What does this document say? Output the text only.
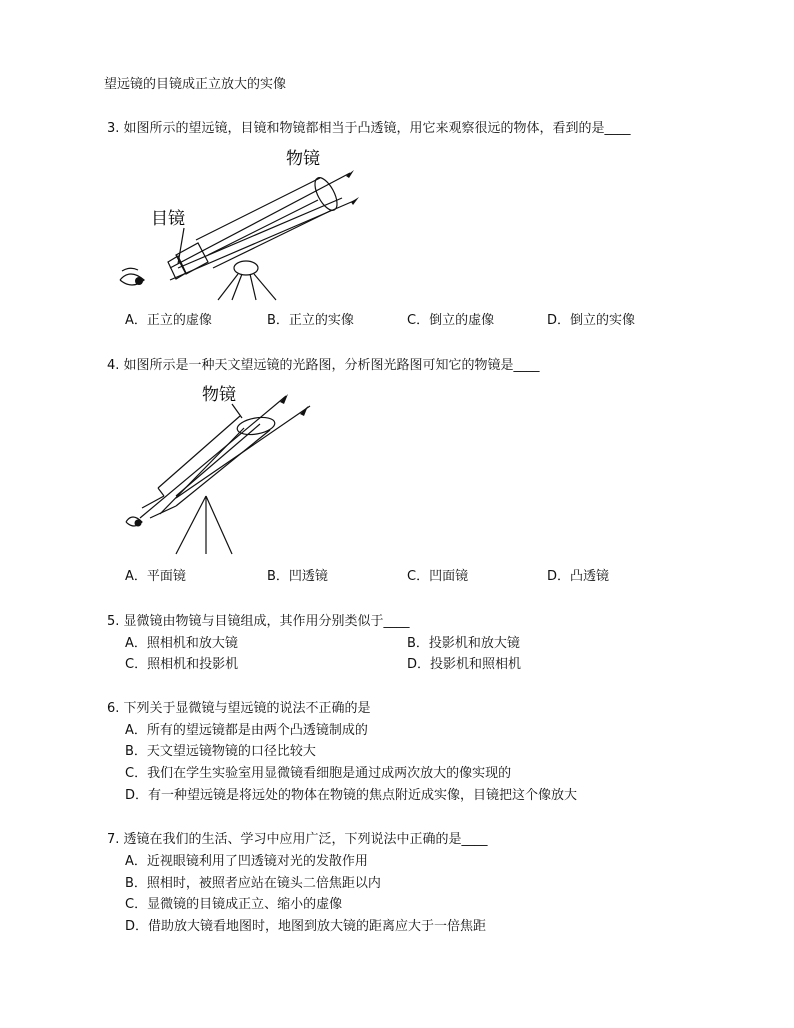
望远镜的目镜成正立放大的实像
3. 如图所示的望远镜，目镜和物镜都相当于凸透镜，用它来观察很远的物体，看到的是____
物镜
目镜
A．正立的虚像	B．正立的实像	C．倒立的虚像	D．倒立的实像
4. 如图所示是一种天文望远镜的光路图，分析图光路图可知它的物镜是____
物镜
A．平面镜	B．凹透镜	C．凹面镜	D．凸透镜
5. 显微镜由物镜与目镜组成，其作用分别类似于____
A．照相机和放大镜	B．投影机和放大镜
C．照相机和投影机	D．投影机和照相机
6. 下列关于显微镜与望远镜的说法不正确的是
A．所有的望远镜都是由两个凸透镜制成的
B．天文望远镜物镜的口径比较大
C．我们在学生实验室用显微镜看细胞是通过成两次放大的像实现的
D．有一种望远镜是将远处的物体在物镜的焦点附近成实像，目镜把这个像放大
7. 透镜在我们的生活、学习中应用广泛，下列说法中正确的是____
A．近视眼镜利用了凹透镜对光的发散作用
B．照相时，被照者应站在镜头二倍焦距以内
C．显微镜的目镜成正立、缩小的虚像
D．借助放大镜看地图时，地图到放大镜的距离应大于一倍焦距
